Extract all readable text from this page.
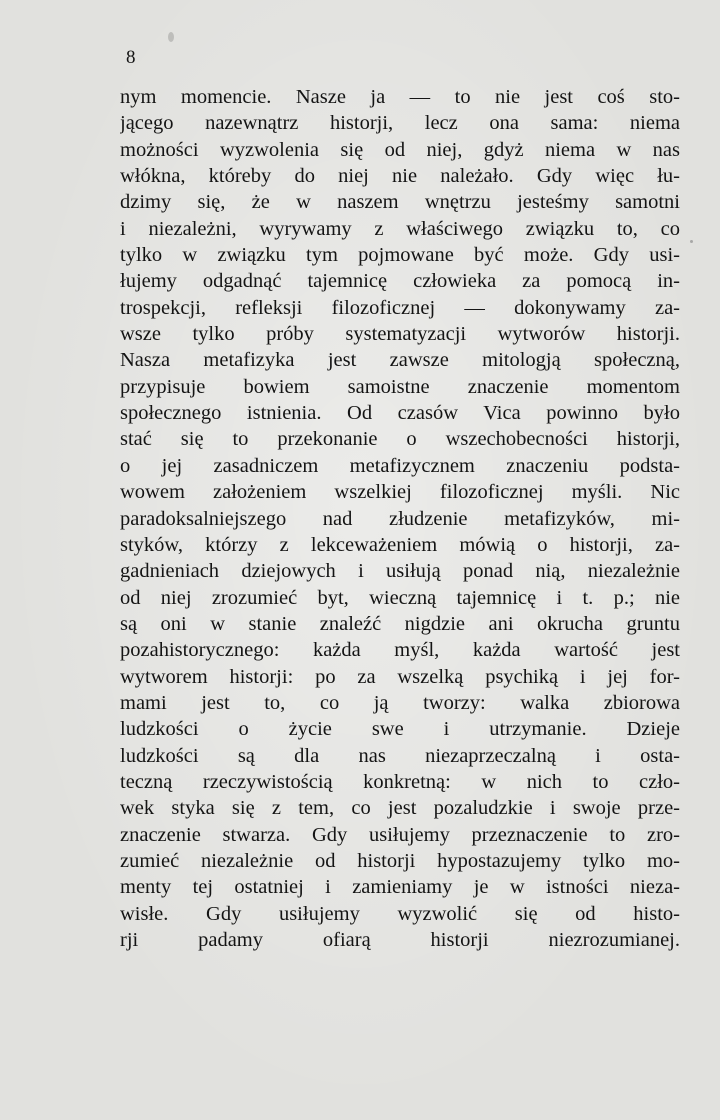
8
nym momencie. Nasze ja — to nie jest coś sto-
jącego nazewnątrz historji, lecz ona sama: niema
możności wyzwolenia się od niej, gdyż niema w nas
włókna, któreby do niej nie należało. Gdy więc łu-
dzimy się, że w naszem wnętrzu jesteśmy samotni
i niezależni, wyrywamy z właściwego związku to, co
tylko w związku tym pojmowane być może. Gdy usi-
łujemy odgadnąć tajemnicę człowieka za pomocą in-
trospekcji, refleksji filozoficznej — dokonywamy za-
wsze tylko próby systematyzacji wytworów historji.
Nasza metafizyka jest zawsze mitologją społeczną,
przypisuje bowiem samoistne znaczenie momentom
społecznego istnienia. Od czasów Vica powinno było
stać się to przekonanie o wszechobecności historji,
o jej zasadniczem metafizycznem znaczeniu podsta-
wowem założeniem wszelkiej filozoficznej myśli. Nic
paradoksalniejszego nad złudzenie metafizyków, mi-
styków, którzy z lekceważeniem mówią o historji, za-
gadnieniach dziejowych i usiłują ponad nią, niezależnie
od niej zrozumieć byt, wieczną tajemnicę i t. p.; nie
są oni w stanie znaleźć nigdzie ani okrucha gruntu
pozahistorycznego: każda myśl, każda wartość jest
wytworem historji: po za wszelką psychiką i jej for-
mami jest to, co ją tworzy: walka zbiorowa
ludzkości o życie swe i utrzymanie. Dzieje
ludzkości są dla nas niezaprzeczalną i osta-
teczną rzeczywistością konkretną: w nich to czło-
wek styka się z tem, co jest pozaludzkie i swoje prze-
znaczenie stwarza. Gdy usiłujemy przeznaczenie to zro-
zumieć niezależnie od historji hypostazujemy tylko mo-
menty tej ostatniej i zamieniamy je w istności nieza-
wisłe. Gdy usiłujemy wyzwolić się od histo-
rji padamy ofiarą historji niezrozumianej.
